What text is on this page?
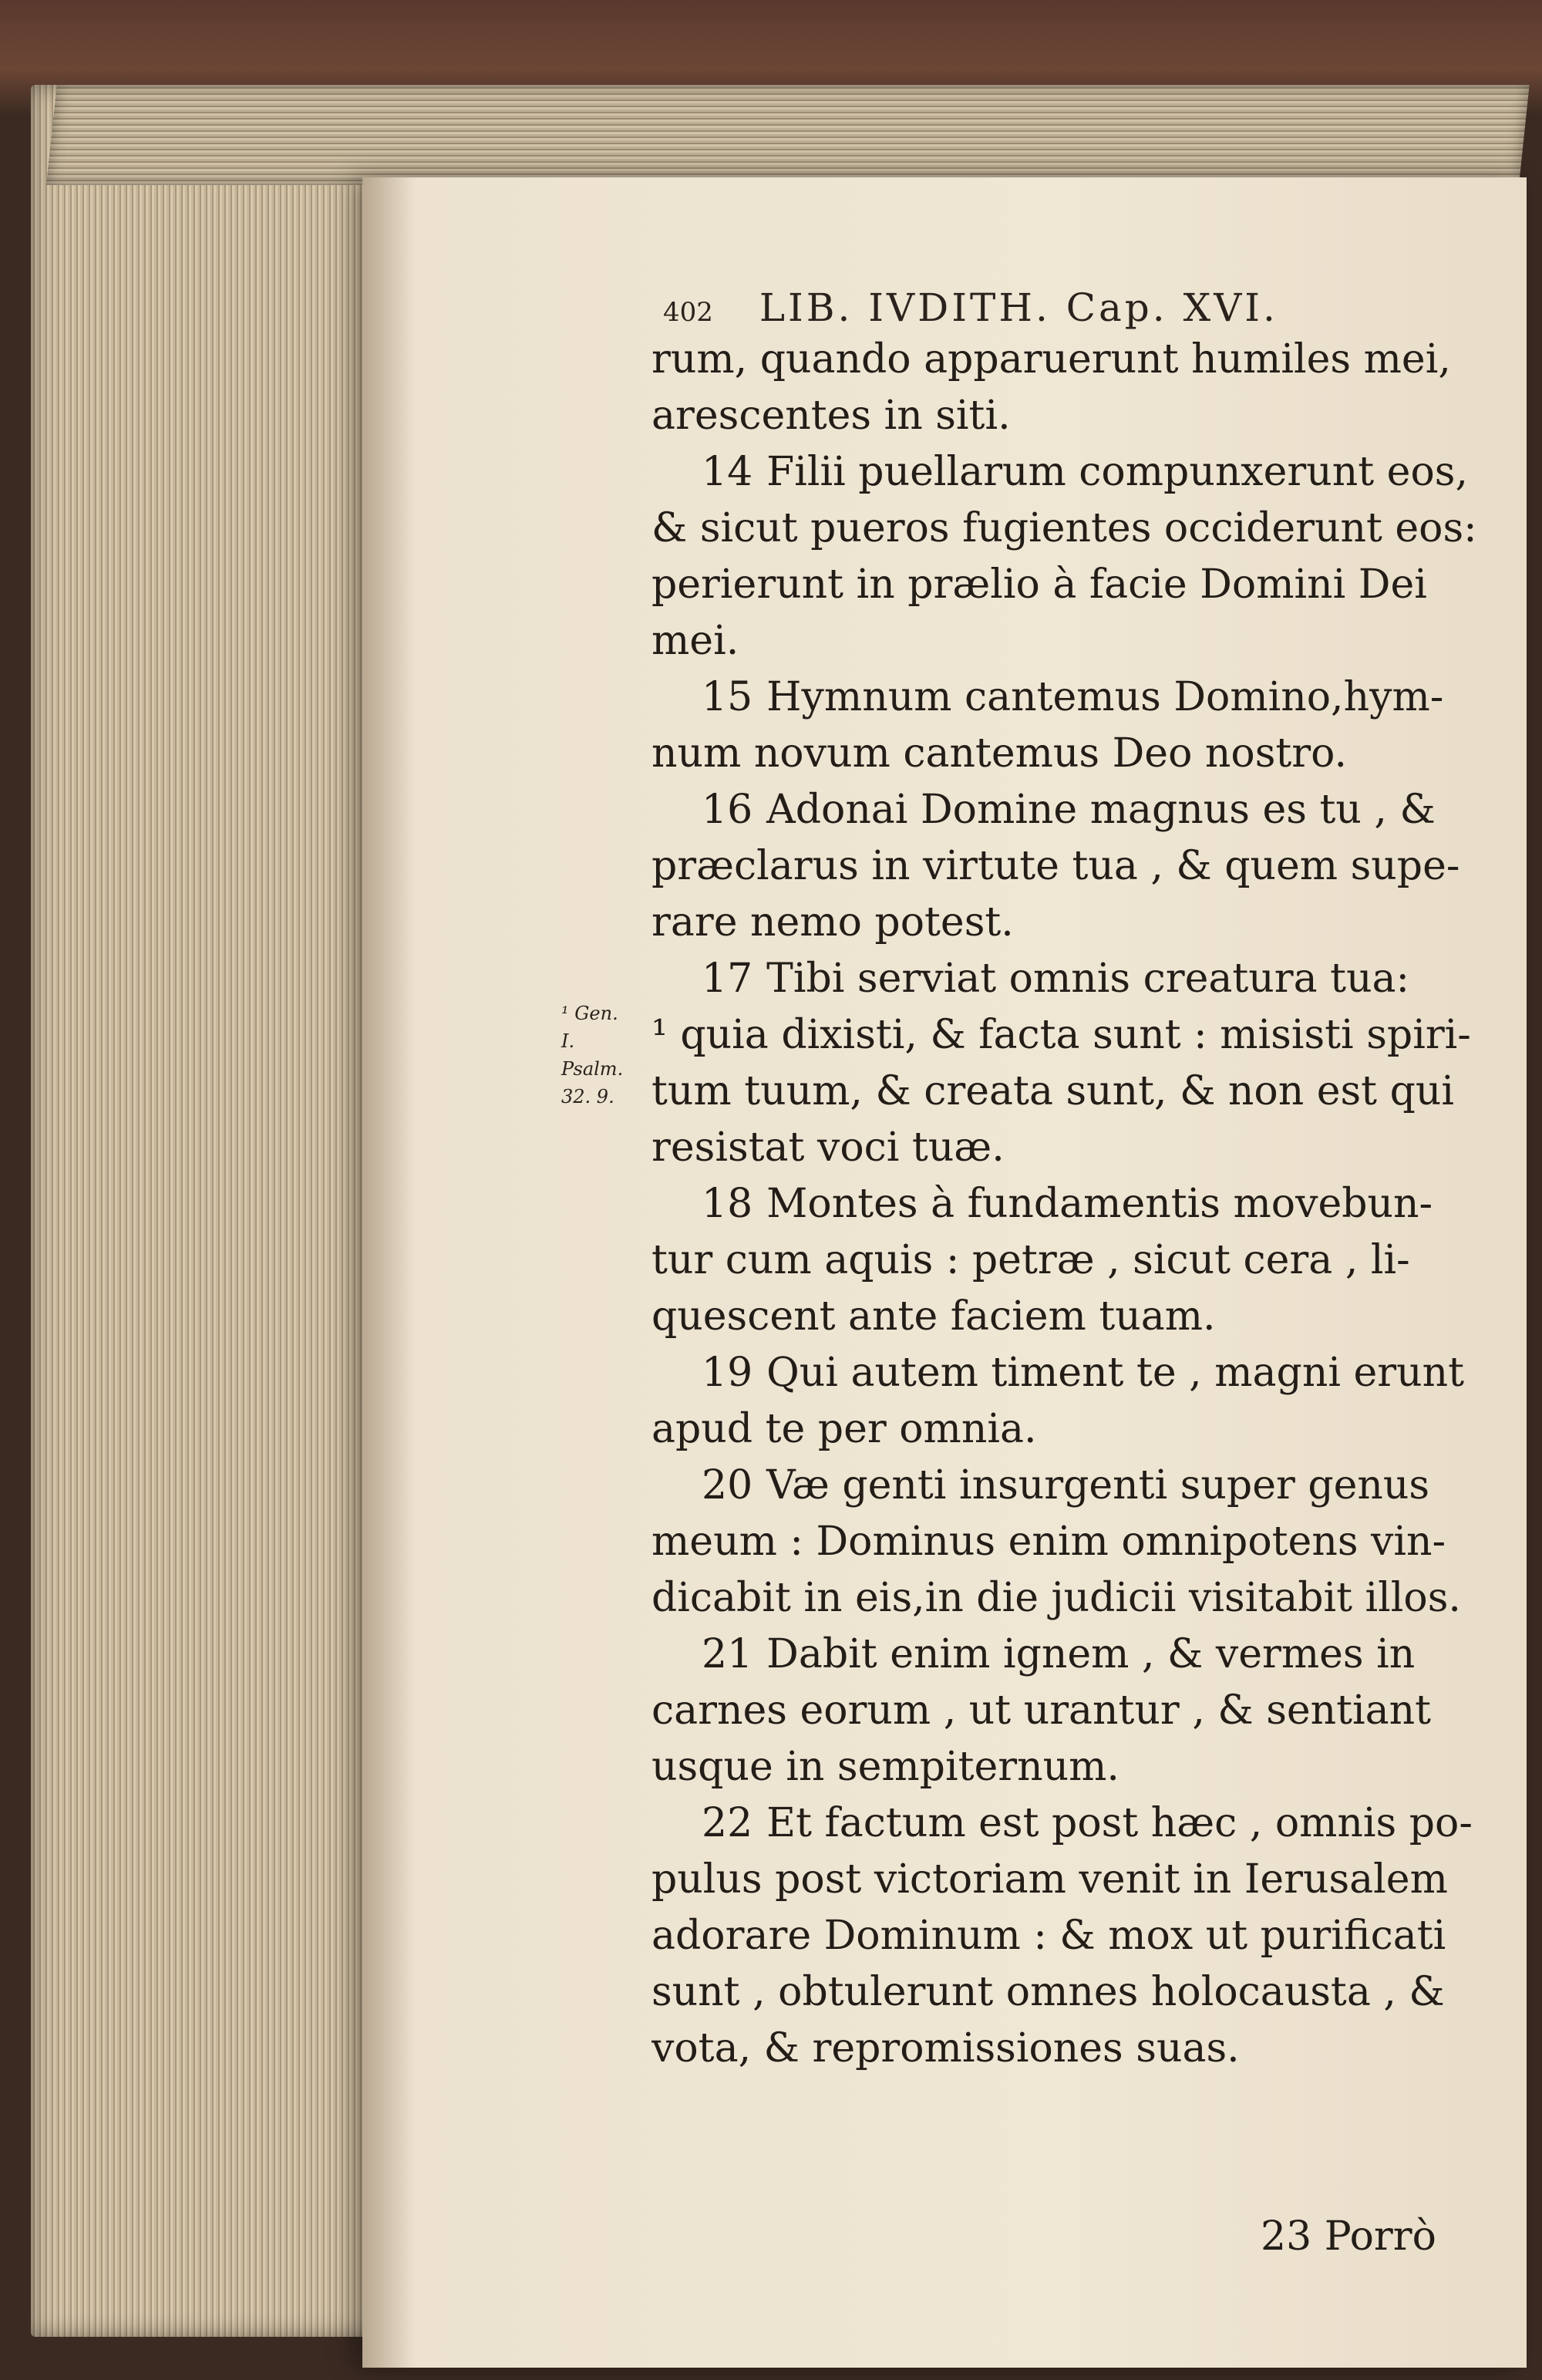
402 LIB. IVDITH. Cap. XVI.
rum, quando apparuerunt humiles mei,
arescentes in siti.
14 Filii puellarum compunxerunt eos,
& sicut pueros fugientes occiderunt eos:
perierunt in prælio à facie Domini Dei
mei.
15 Hymnum cantemus Domino,hym-
num novum cantemus Deo nostro.
16 Adonai Domine magnus es tu , &
præclarus in virtute tua , & quem supe-
rare nemo potest.
17 Tibi serviat omnis creatura tua:
¹ quia dixisti, & facta sunt : misisti spiri-
tum tuum, & creata sunt, & non est qui
resistat voci tuæ.
18 Montes à fundamentis movebun-
tur cum aquis : petræ , sicut cera , li-
quescent ante faciem tuam.
19 Qui autem timent te , magni erunt
apud te per omnia.
20 Væ genti insurgenti super genus
meum : Dominus enim omnipotens vin-
dicabit in eis,in die judicii visitabit illos.
21 Dabit enim ignem , & vermes in
carnes eorum , ut urantur , & sentiant
usque in sempiternum.
22 Et factum est post hæc , omnis po-
pulus post victoriam venit in Ierusalem
adorare Dominum : & mox ut purificati
sunt , obtulerunt omnes holocausta , &
vota, & repromissiones suas.
¹ Gen.
I.
Psalm.
32. 9.
23 Porrò
